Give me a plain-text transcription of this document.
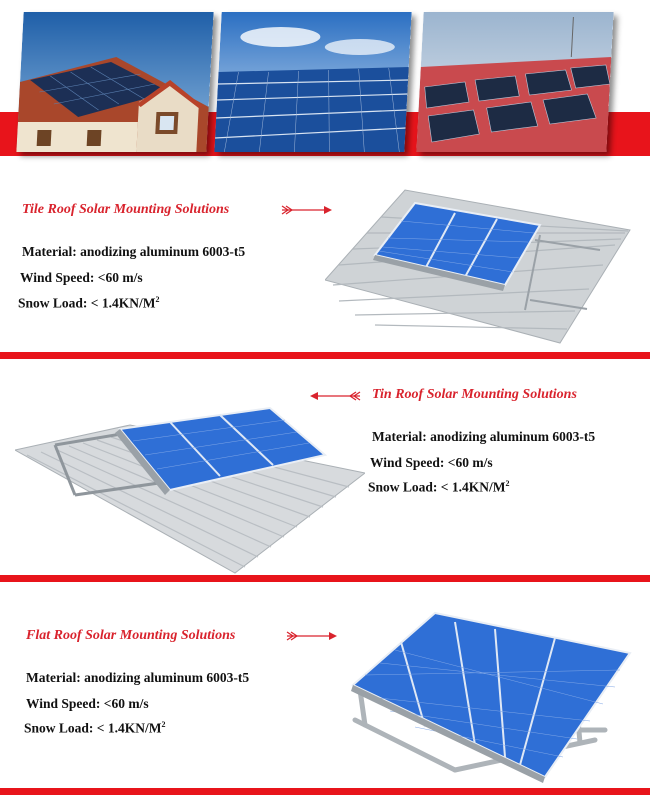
Tile Roof Solar Mounting Solutions
Material: anodizing aluminum 6003-t5
Wind Speed: <60 m/s
Snow Load: < $1.4KN/M^2$
Tin Roof Solar Mounting Solutions
Material: anodizing aluminum 6003-t5
Wind Speed: <60 m/s
Snow Load: < $1.4KN/M^2$
Flat Roof Solar Mounting Solutions
Material: anodizing aluminum 6003-t5
Wind Speed: <60 m/s
Snow Load: < $1.4KN/M^2$
